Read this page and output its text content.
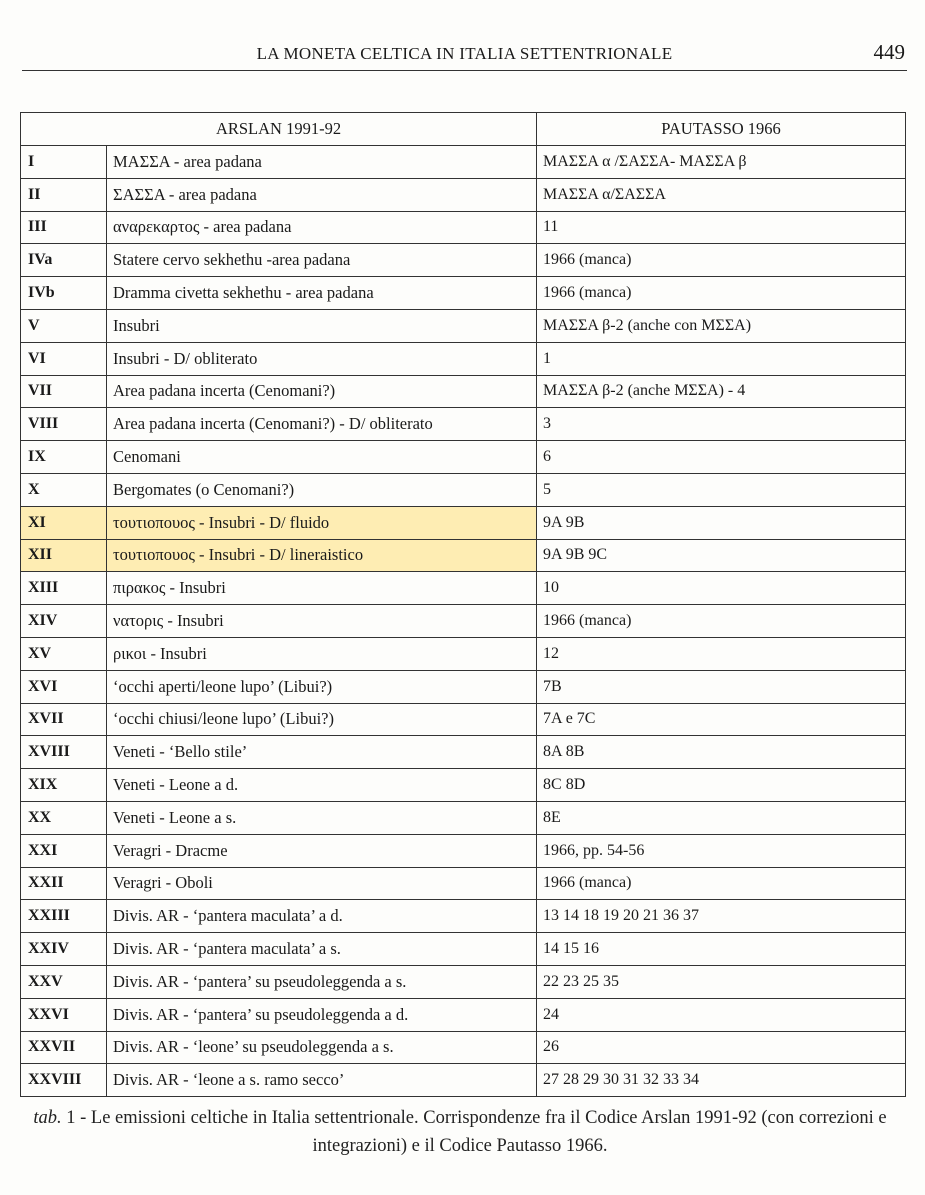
LA MONETA CELTICA IN ITALIA SETTENTRIONALE	449
ARSLAN 1991-92		PAUTASSO 1966
I	ΜΑΣΣΑ - area padana	ΜΑΣΣΑ α /ΣΑΣΣΑ- ΜΑΣΣΑ β
II	ΣΑΣΣΑ - area padana	ΜΑΣΣΑ α/ΣΑΣΣΑ
III	αναρεκαρτος - area padana	11
IVa	Statere cervo sekhethu -area padana	1966 (manca)
IVb	Dramma civetta sekhethu - area padana	1966 (manca)
V	Insubri	ΜΑΣΣΑ β-2 (anche con ΜΣΣΑ)
VI	Insubri - D/ obliterato	1
VII	Area padana incerta (Cenomani?)	ΜΑΣΣΑ β-2 (anche ΜΣΣΑ) - 4
VIII	Area padana incerta (Cenomani?) - D/ obliterato	3
IX	Cenomani	6
X	Bergomates (o Cenomani?)	5
XI	τουτιοπουος - Insubri - D/ fluido	9A 9B
XII	τουτιοπουος - Insubri - D/ lineraistico	9A 9B 9C
XIII	πιρακος - Insubri	10
XIV	νατορις - Insubri	1966 (manca)
XV	ρικοι - Insubri	12
XVI	‘occhi aperti/leone lupo’ (Libui?)	7B
XVII	‘occhi chiusi/leone lupo’ (Libui?)	7A e 7C
XVIII	Veneti - ‘Bello stile’	8A 8B
XIX	Veneti - Leone a d.	8C 8D
XX	Veneti - Leone a s.	8E
XXI	Veragri - Dracme	1966, pp. 54-56
XXII	Veragri - Oboli	1966 (manca)
XXIII	Divis. AR - ‘pantera maculata’ a d.	13 14 18 19 20 21 36 37
XXIV	Divis. AR - ‘pantera maculata’ a s.	14 15 16
XXV	Divis. AR - ‘pantera’ su pseudoleggenda a s.	22 23 25 35
XXVI	Divis. AR - ‘pantera’ su pseudoleggenda a d.	24
XXVII	Divis. AR - ‘leone’ su pseudoleggenda a s.	26
XXVIII	Divis. AR - ‘leone a s. ramo secco’	27 28 29 30 31 32 33 34
tab. 1 - Le emissioni celtiche in Italia settentrionale. Corrispondenze fra il Codice Arslan 1991-92 (con correzioni e integrazioni) e il Codice Pautasso 1966.
